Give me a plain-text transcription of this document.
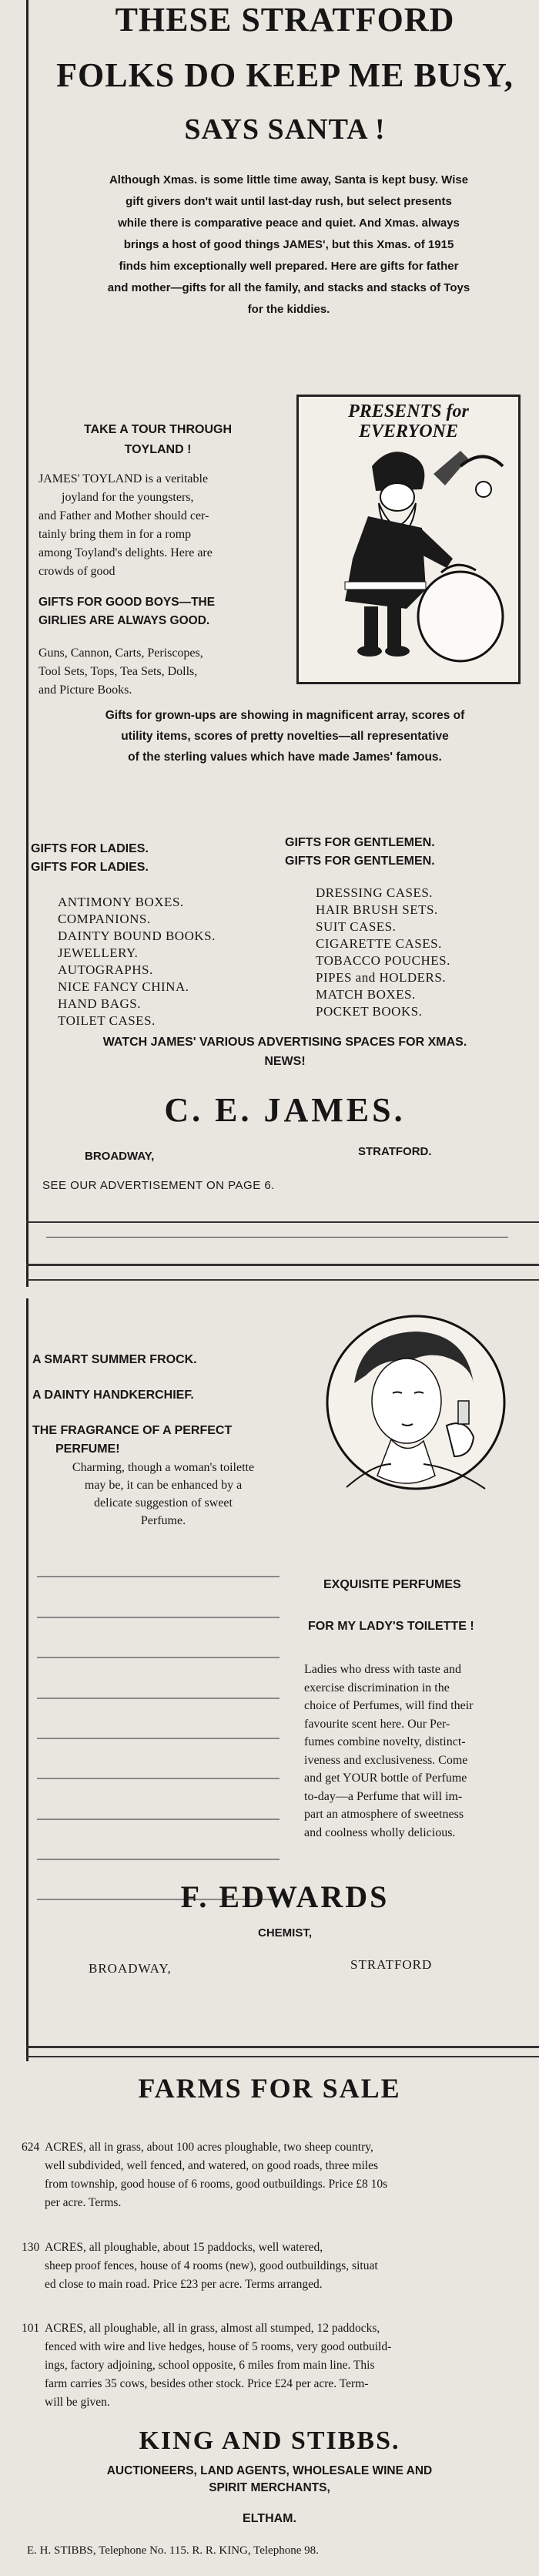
THESE STRATFORD
FOLKS DO KEEP ME BUSY,
SAYS SANTA !
Although Xmas. is some little time away, Santa is kept busy. Wise
gift givers don't wait until last-day rush, but select presents
while there is comparative peace and quiet. And Xmas. always
brings a host of good things JAMES', but this Xmas. of 1915
finds him exceptionally well prepared. Here are gifts for father
and mother—gifts for all the family, and stacks and stacks of Toys
for the kiddies.
TAKE A TOUR THROUGH
TOYLAND !
JAMES' TOYLAND is a veritable
joyland for the youngsters,
and Father and Mother should cer-
tainly bring them in for a romp
among Toyland's delights. Here are
crowds of good
GIFTS FOR GOOD BOYS—THE
GIRLIES ARE ALWAYS GOOD.
Guns, Cannon, Carts, Periscopes,
Tool Sets, Tops, Tea Sets, Dolls,
and Picture Books.
PRESENTS for
EVERYONE
Gifts for grown-ups are showing in magnificent array, scores of
utility items, scores of pretty novelties—all representative
of the sterling values which have made James' famous.
GIFTS FOR LADIES.
GIFTS FOR LADIES.
GIFTS FOR GENTLEMEN.
GIFTS FOR GENTLEMEN.
ANTIMONY BOXES.
COMPANIONS.
DAINTY BOUND BOOKS.
JEWELLERY.
AUTOGRAPHS.
NICE FANCY CHINA.
HAND BAGS.
TOILET CASES.
DRESSING CASES.
HAIR BRUSH SETS.
SUIT CASES.
CIGARETTE CASES.
TOBACCO POUCHES.
PIPES and HOLDERS.
MATCH BOXES.
POCKET BOOKS.
WATCH JAMES' VARIOUS ADVERTISING SPACES FOR XMAS.
NEWS!
C. E. JAMES.
BROADWAY,	STRATFORD.
SEE OUR ADVERTISEMENT ON PAGE 6.
A SMART SUMMER FROCK.
A DAINTY HANDKERCHIEF.
THE FRAGRANCE OF A PERFECT
PERFUME!
Charming, though a woman's toilette
may be, it can be enhanced by a
delicate suggestion of sweet
Perfume.
EXQUISITE PERFUMES
FOR MY LADY'S TOILETTE !
Ladies who dress with taste and
exercise discrimination in the
choice of Perfumes, will find their
favourite scent here. Our Per-
fumes combine novelty, distinct-
iveness and exclusiveness. Come
and get YOUR bottle of Perfume
to-day—a Perfume that will im-
part an atmosphere of sweetness
and coolness wholly delicious.
F. EDWARDS
CHEMIST,
BROADWAY,	STRATFORD
FARMS FOR SALE
624 ACRES, all in grass, about 100 acres ploughable, two sheep country,
well subdivided, well fenced, and watered, on good roads, three miles
from township, good house of 6 rooms, good outbuildings. Price £8 10s
per acre. Terms.
130 ACRES, all ploughable, about 15 paddocks, well watered,
sheep proof fences, house of 4 rooms (new), good outbuildings, situat
ed close to main road. Price £23 per acre. Terms arranged.
101 ACRES, all ploughable, all in grass, almost all stumped, 12 paddocks,
fenced with wire and live hedges, house of 5 rooms, very good outbuild-
ings, factory adjoining, school opposite, 6 miles from main line. This
farm carries 35 cows, besides other stock. Price £24 per acre. Term-
will be given.
KING AND STIBBS.
AUCTIONEERS, LAND AGENTS, WHOLESALE WINE AND
SPIRIT MERCHANTS,
ELTHAM.
E. H. STIBBS, Telephone No. 115. R. R. KING, Telephone 98.
